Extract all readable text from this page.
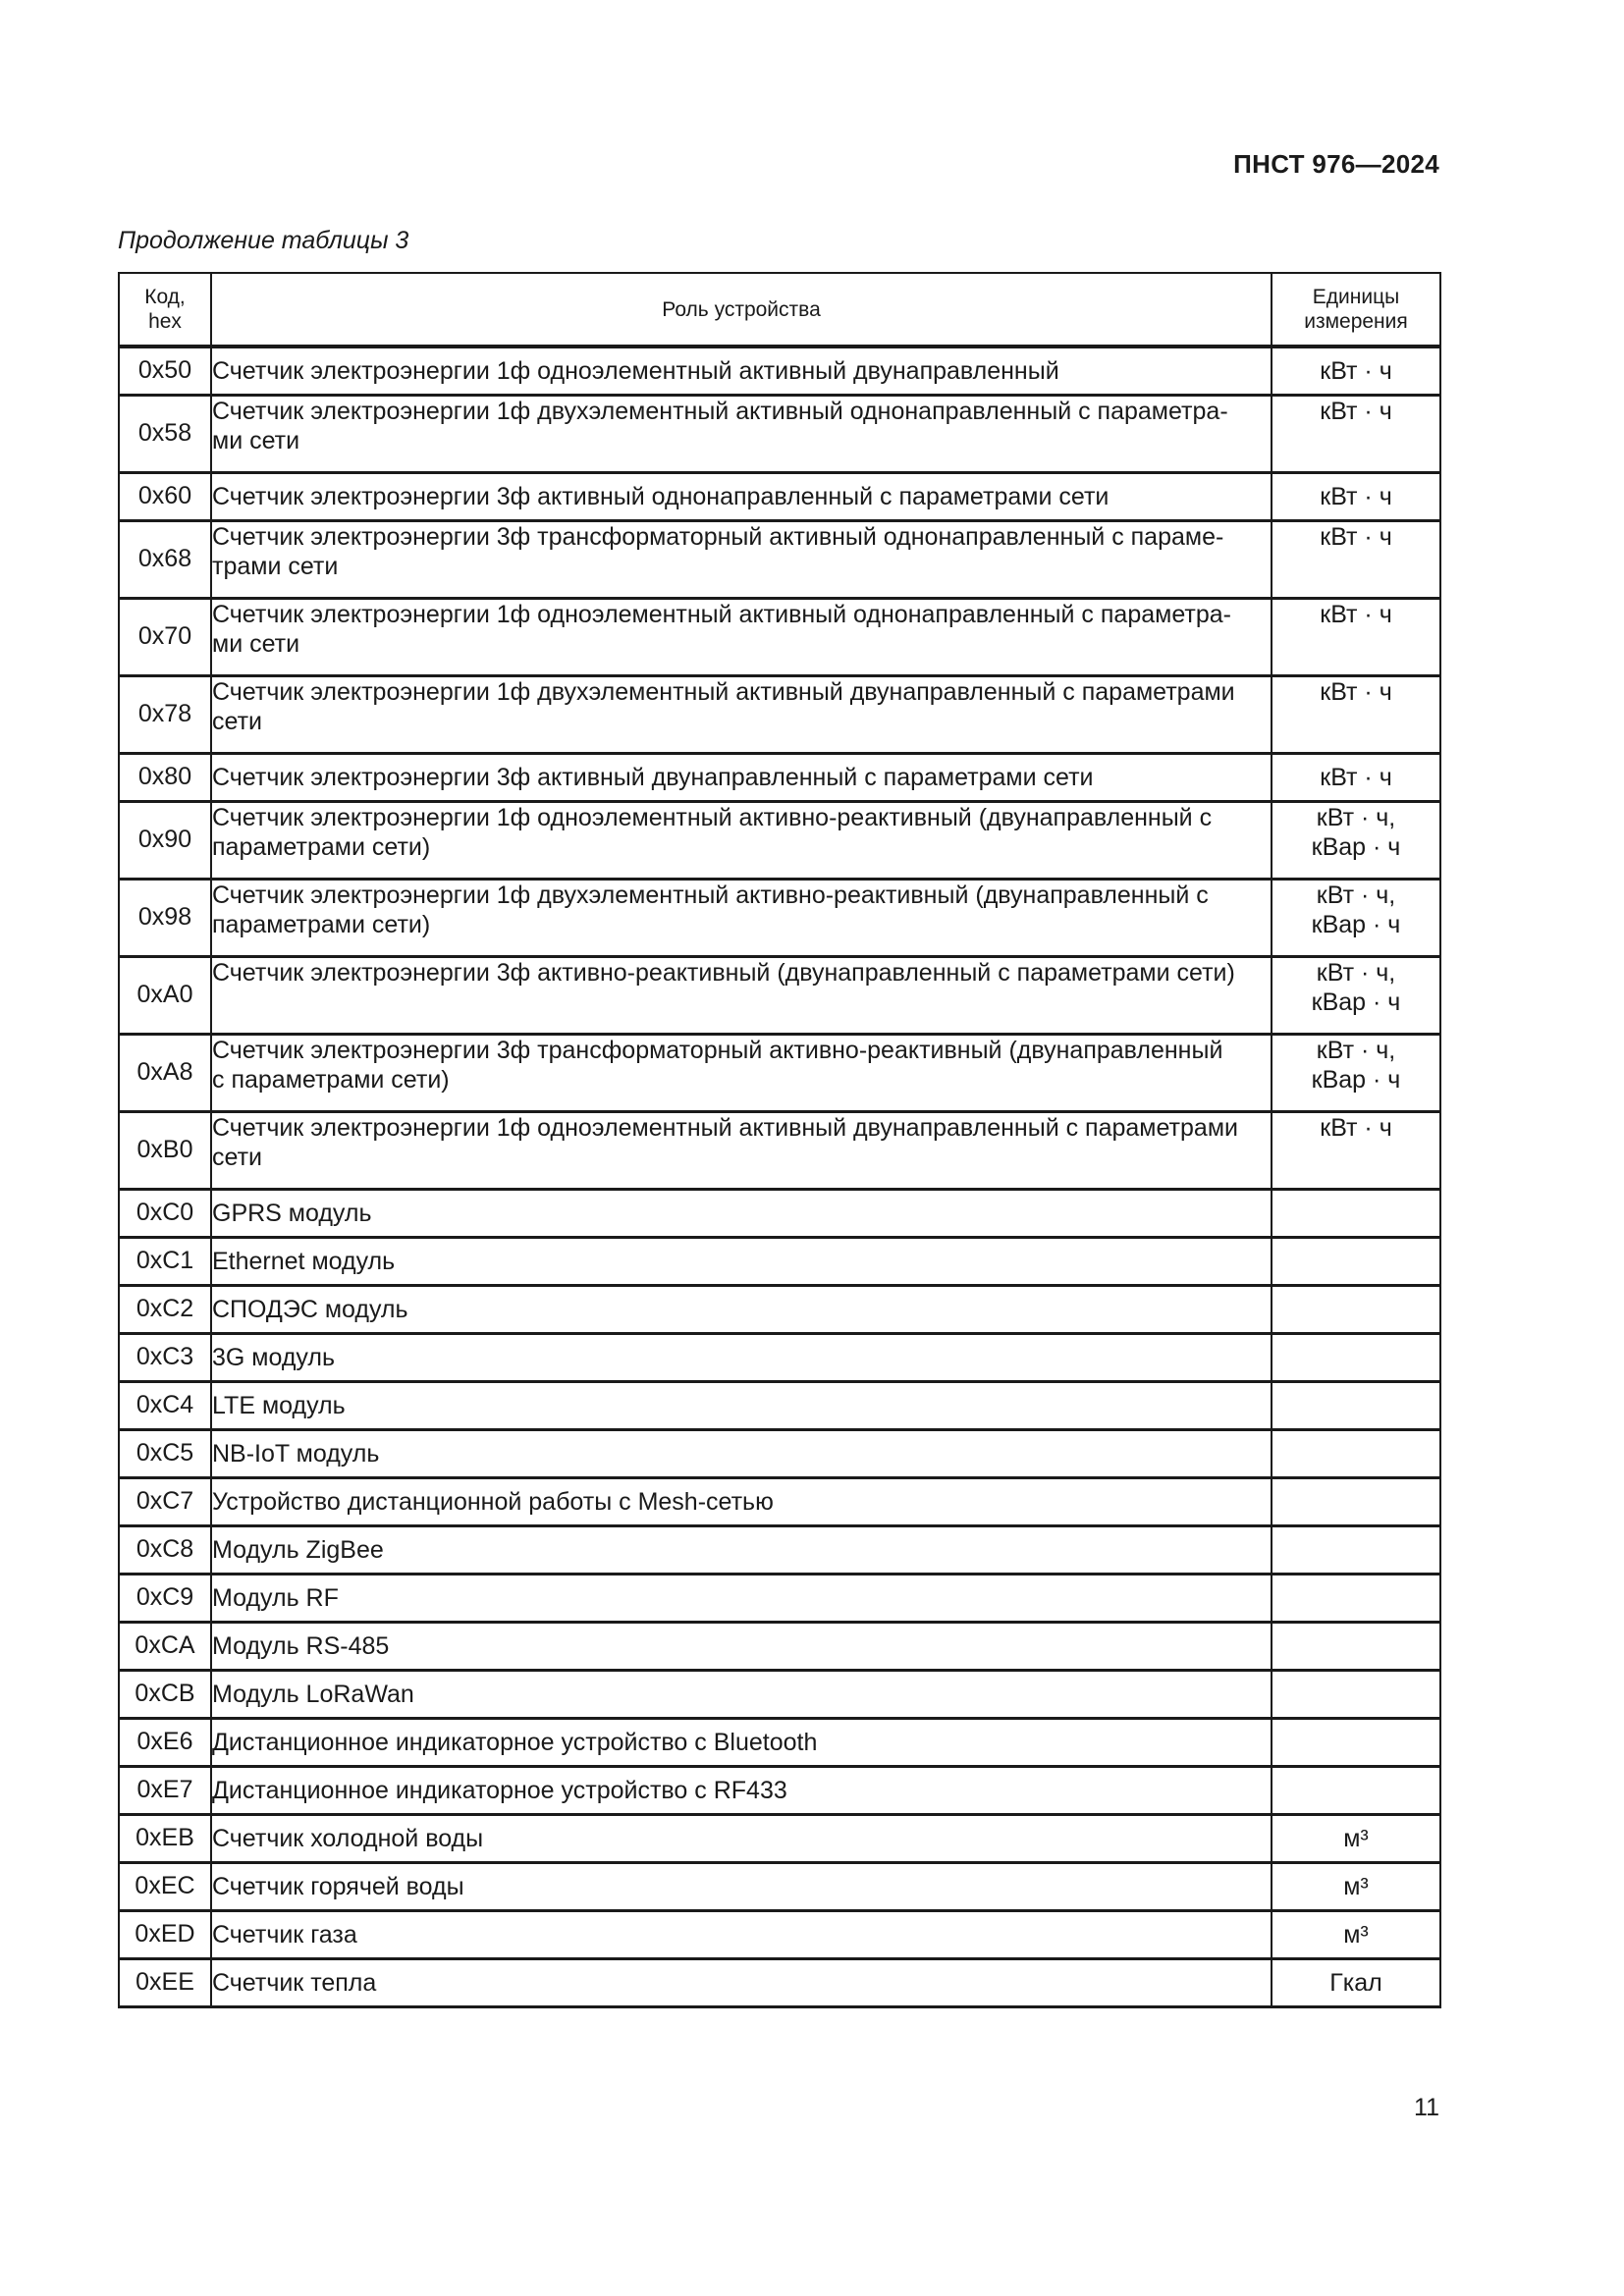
ПНСТ 976—2024
Продолжение таблицы 3
Код,
hex	Роль устройства	Единицы
измерения

0x50	Счетчик электроэнергии 1ф одноэлементный активный двунаправленный	кВт · ч

0x58	Счетчик электроэнергии 1ф двухэлементный активный однонаправленный с параметра-
ми сети	кВт · ч

0x60	Счетчик электроэнергии 3ф активный однонаправленный с параметрами сети	кВт · ч

0x68	Счетчик электроэнергии 3ф трансформаторный активный однонаправленный с параме-
трами сети	кВт · ч

0x70	Счетчик электроэнергии 1ф одноэлементный активный однонаправленный с параметра-
ми сети	кВт · ч

0x78	Счетчик электроэнергии 1ф двухэлементный активный двунаправленный с параметрами
сети	кВт · ч

0x80	Счетчик электроэнергии 3ф активный двунаправленный с параметрами сети	кВт · ч

0x90	Счетчик электроэнергии 1ф одноэлементный активно-реактивный (двунаправленный с
параметрами сети)	кВт · ч,
кВар · ч

0x98	Счетчик электроэнергии 1ф двухэлементный активно-реактивный (двунаправленный с
параметрами сети)	кВт · ч,
кВар · ч

0xA0	Счетчик электроэнергии 3ф активно-реактивный (двунаправленный с параметрами сети)	кВт · ч,
кВар · ч

0xA8	Счетчик электроэнергии 3ф трансформаторный активно-реактивный (двунаправленный
с параметрами сети)	кВт · ч,
кВар · ч

0xB0	Счетчик электроэнергии 1ф одноэлементный активный двунаправленный с параметрами
сети	кВт · ч

0xC0	GPRS модуль	

0xC1	Ethernet модуль	

0xC2	СПОДЭС модуль	

0xC3	3G модуль	

0xC4	LTE модуль	

0xC5	NB-IoT модуль	

0xC7	Устройство дистанционной работы с Mesh-сетью	

0xC8	Модуль ZigBee	

0xC9	Модуль RF	

0xCA	Модуль RS-485	

0xCB	Модуль LoRaWan	

0xE6	Дистанционное индикаторное устройство с Bluetooth	

0xE7	Дистанционное индикаторное устройство с RF433	

0xEB	Счетчик холодной воды	м³

0xEC	Счетчик горячей воды	м³

0xED	Счетчик газа	м³

0xEE	Счетчик тепла	Гкал
11
